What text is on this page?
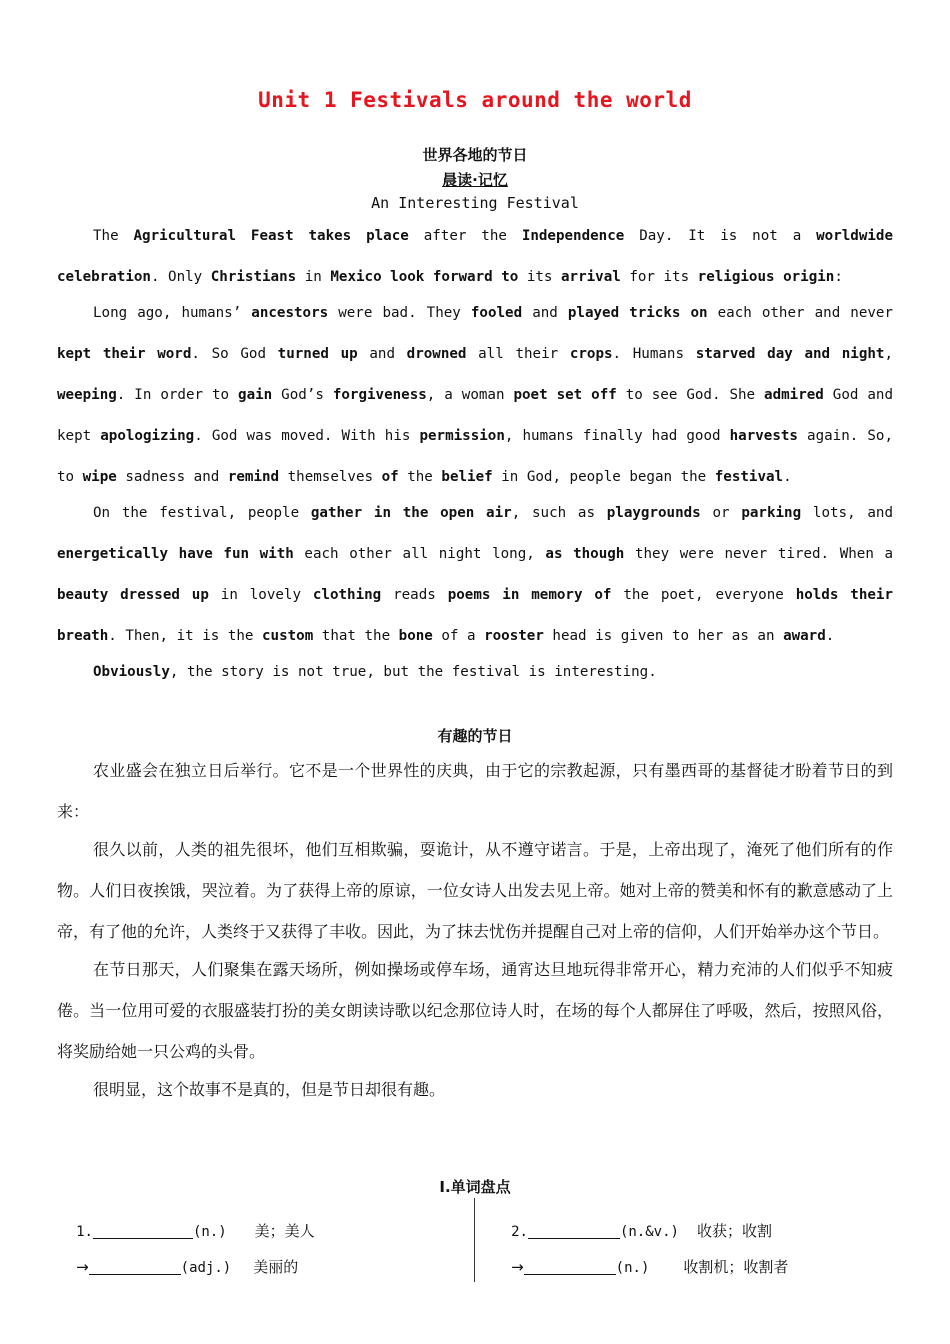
Unit 1 Festivals around the world
世界各地的节日
晨读·记忆
An Interesting Festival

The Agricultural Feast takes place after the Independence Day. It is not a worldwide celebration. Only Christians in Mexico look forward to its arrival for its religious origin:

Long ago, humans’ ancestors were bad. They fooled and played tricks on each other and never kept their word. So God turned up and drowned all their crops. Humans starved day and night, weeping. In order to gain God’s forgiveness, a woman poet set off to see God. She admired God and kept apologizing. God was moved. With his permission, humans finally had good harvests again. So, to wipe sadness and remind themselves of the belief in God, people began the festival.

On the festival, people gather in the open air, such as playgrounds or parking lots, and energetically have fun with each other all night long, as though they were never tired. When a beauty dressed up in lovely clothing reads poems in memory of the poet, everyone holds their breath. Then, it is the custom that the bone of a rooster head is given to her as an award.

Obviously, the story is not true, but the festival is interesting.

有趣的节日

农业盛会在独立日后举行。它不是一个世界性的庆典，由于它的宗教起源，只有墨西哥的基督徒才盼着节日的到来：

很久以前，人类的祖先很坏，他们互相欺骗，耍诡计，从不遵守诺言。于是，上帝出现了，淹死了他们所有的作物。人们日夜挨饿，哭泣着。为了获得上帝的原谅，一位女诗人出发去见上帝。她对上帝的赞美和怀有的歉意感动了上帝，有了他的允许，人类终于又获得了丰收。因此，为了抹去忧伤并提醒自己对上帝的信仰，人们开始举办这个节日。

在节日那天，人们聚集在露天场所，例如操场或停车场，通宵达旦地玩得非常开心，精力充沛的人们似乎不知疲倦。当一位用可爱的衣服盛装打扮的美女朗读诗歌以纪念那位诗人时，在场的每个人都屏住了呼吸，然后，按照风俗，将奖励给她一只公鸡的头骨。

很明显，这个故事不是真的，但是节日却很有趣。

Ⅰ.单词盘点

1.	(n.) 美；美人

→	(adj.) 美丽的

2.	(n.&v.) 收获；收割

→	(n.) 收割机；收割者
